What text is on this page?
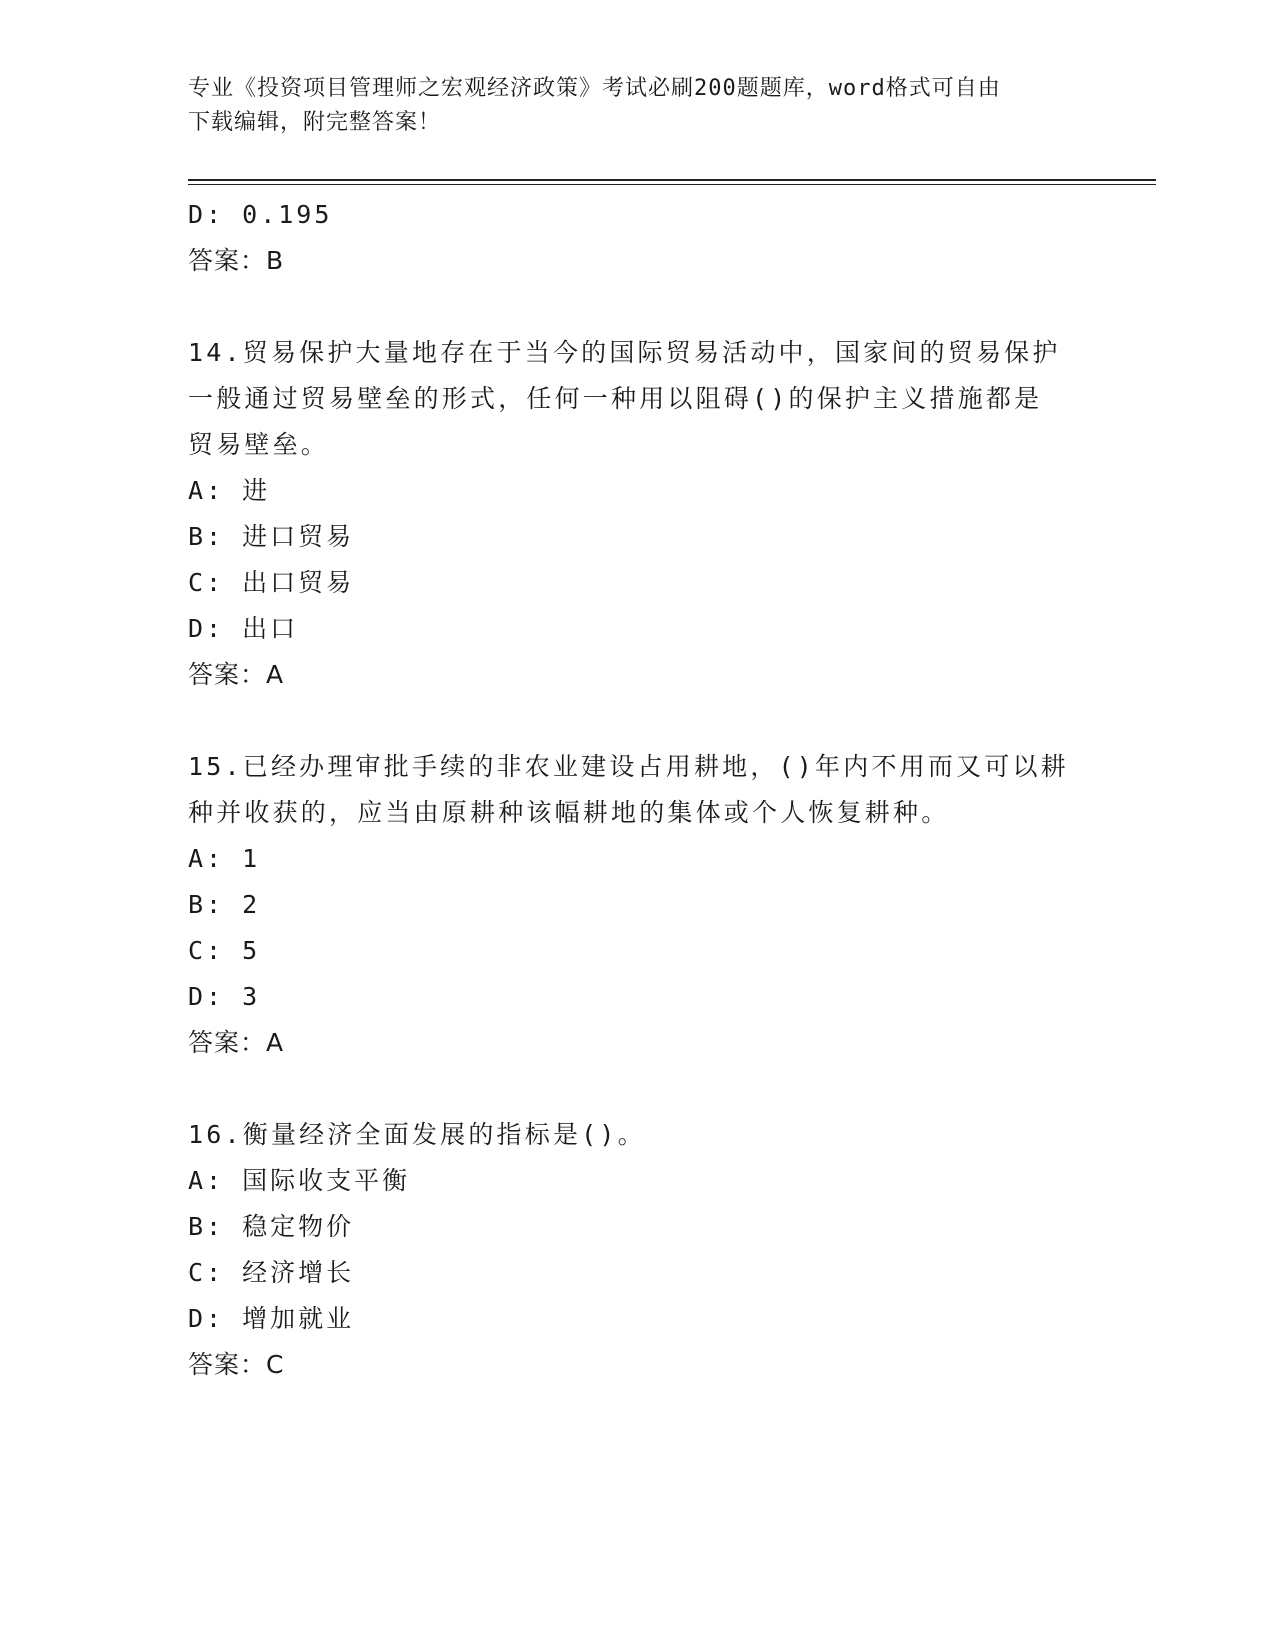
专业《投资项目管理师之宏观经济政策》考试必刷200题题库，word格式可自由
下载编辑，附完整答案！
D: 0.195
答案：B
14.贸易保护大量地存在于当今的国际贸易活动中，国家间的贸易保护
一般通过贸易壁垒的形式，任何一种用以阻碍()的保护主义措施都是
贸易壁垒。
A: 进
B: 进口贸易
C: 出口贸易
D: 出口
答案：A
15.已经办理审批手续的非农业建设占用耕地，()年内不用而又可以耕
种并收获的，应当由原耕种该幅耕地的集体或个人恢复耕种。
A: 1
B: 2
C: 5
D: 3
答案：A
16.衡量经济全面发展的指标是()。
A: 国际收支平衡
B: 稳定物价
C: 经济增长
D: 增加就业
答案：C
